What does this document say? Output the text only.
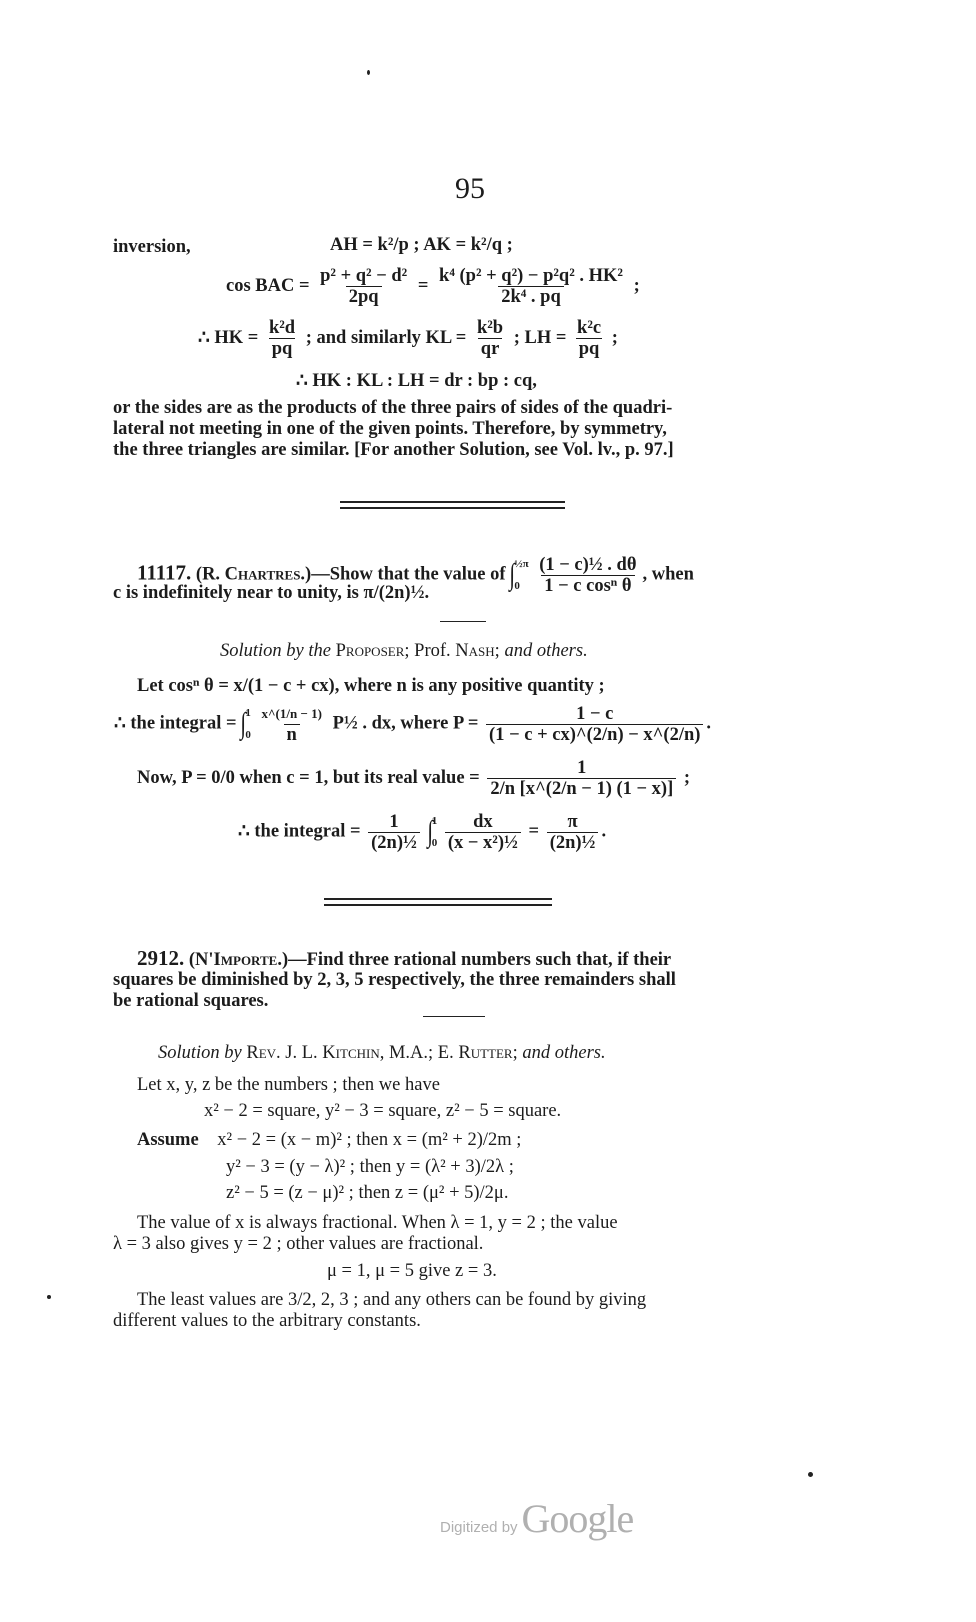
95
inversion,	AH = k²/p ; AK = k²/q ;
cos BAC = $\frac{\text{p² + q² − d²}}{2pq} = \frac{\text{k⁴ (p² + q²) − p²q² . HK²}}{\text{2k⁴ . pq}}$ ;
∴ HK = $\frac{\text{k²d}}{pq}$ ; and similarly KL = $\frac{\text{k²b}}{qr}$ ; LH = $\frac{\text{k²c}}{pq}$ ;
∴ HK : KL : LH = dr : bp : cq,
or the sides are as the products of the three pairs of sides of the quadri-
lateral not meeting in one of the given points. Therefore, by symmetry,
the three triangles are similar. [For another Solution, see Vol. lv., p. 97.]
11117. (R. Chartres.)—Show that the value of ∫ ½π
0
$\frac{\text{(1 − c)½ . dθ}}{\text{1 − c cosⁿ θ}}$ , when
c is indefinitely near to unity, is π/(2n)½.
Solution by the Proposer; Prof. Nash; and others.
Let cosⁿ θ = x/(1 − c + cx), where n is any positive quantity ;
∴ the integral = ∫ 1
0
$\frac{x\^{}(1/n - 1)}{n}$ P½ . dx, where $P = \frac{1 - c}{(1 - c + cx)\^{}(2/n) - x\^{}(2/n)}$ .
Now, P = 0/0 when c = 1, but its real value = $\frac{1}{2/n [x\^{}(2/n - 1) (1 - x)]}$ ;
∴ the integral = $\frac{1}{\text{(2n)½}}$ ∫ 1
0
$\frac{dx}{\text{(x − x²)½}} = \frac{\pi}{\text{(2n)½}}$ .
2912. (N'Importe.)—Find three rational numbers such that, if their
squares be diminished by 2, 3, 5 respectively, the three remainders shall
be rational squares.
Solution by Rev. J. L. Kitchin, M.A.; E. Rutter; and others.
Let x, y, z be the numbers ; then we have
x² − 2 = square, y² − 3 = square, z² − 5 = square.
Assume x² − 2 = (x − m)² ; then x = (m² + 2)/2m ;
y² − 3 = (y − λ)² ; then y = (λ² + 3)/2λ ;
z² − 5 = (z − μ)² ; then z = (μ² + 5)/2μ.
The value of x is always fractional. When λ = 1, y = 2 ; the value
λ = 3 also gives y = 2 ; other values are fractional.
μ = 1, μ = 5 give z = 3.
The least values are 3/2, 2, 3 ; and any others can be found by giving
different values to the arbitrary constants.
Digitized by Google
